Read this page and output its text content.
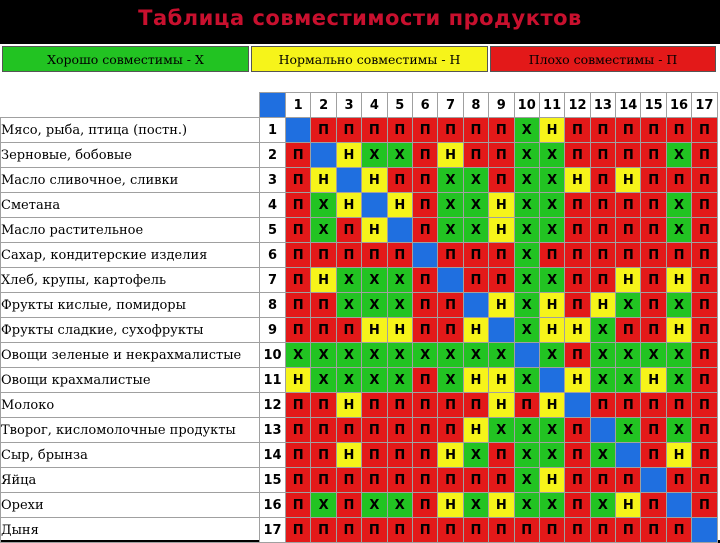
Таблица совместимости продуктов
Хорошо совместимы - Х	Нормально совместимы - Н	Плохо совместимы - П
		1	2	3	4	5	6	7	8	9	10	11	12	13	14	15	16	17
Мясо, рыба, птица (постн.)	1		П	П	П	П	П	П	П	П	Х	Н	П	П	П	П	П	П
Зерновые, бобовые	2	П		Н	Х	Х	П	Н	П	П	Х	Х	П	П	П	П	Х	П
Масло сливочное, сливки	3	П	Н		Н	П	П	Х	Х	П	Х	Х	Н	П	Н	П	П	П
Сметана	4	П	Х	Н		Н	П	Х	Х	Н	Х	Х	П	П	П	П	Х	П
Масло растительное	5	П	Х	П	Н		П	Х	Х	Н	Х	Х	П	П	П	П	Х	П
Сахар, кондитерские изделия	6	П	П	П	П	П		П	П	П	Х	П	П	П	П	П	П	П
Хлеб, крупы, картофель	7	П	Н	Х	Х	Х	П		П	П	Х	Х	П	П	Н	П	Н	П
Фрукты кислые, помидоры	8	П	П	Х	Х	Х	П	П		Н	Х	Н	П	Н	Х	П	Х	П
Фрукты сладкие, сухофрукты	9	П	П	П	Н	Н	П	П	Н		Х	Н	Н	Х	П	П	Н	П
Овощи зеленые и некрахмалистые	10	Х	Х	Х	Х	Х	Х	Х	Х	Х		Х	П	Х	Х	Х	Х	П
Овощи крахмалистые	11	Н	Х	Х	Х	Х	П	Х	Н	Н	Х		Н	Х	Х	Н	Х	П
Молоко	12	П	П	Н	П	П	П	П	П	Н	П	Н		П	П	П	П	П
Творог, кисломолочные продукты	13	П	П	П	П	П	П	П	Н	Х	Х	Х	П		Х	П	Х	П
Сыр, брынза	14	П	П	Н	П	П	П	Н	Х	П	Х	Х	П	Х		П	Н	П
Яйца	15	П	П	П	П	П	П	П	П	П	Х	Н	П	П	П		П	П
Орехи	16	П	Х	П	Х	Х	П	Н	Х	Н	Х	Х	П	Х	Н	П		П
Дыня	17	П	П	П	П	П	П	П	П	П	П	П	П	П	П	П	П	
